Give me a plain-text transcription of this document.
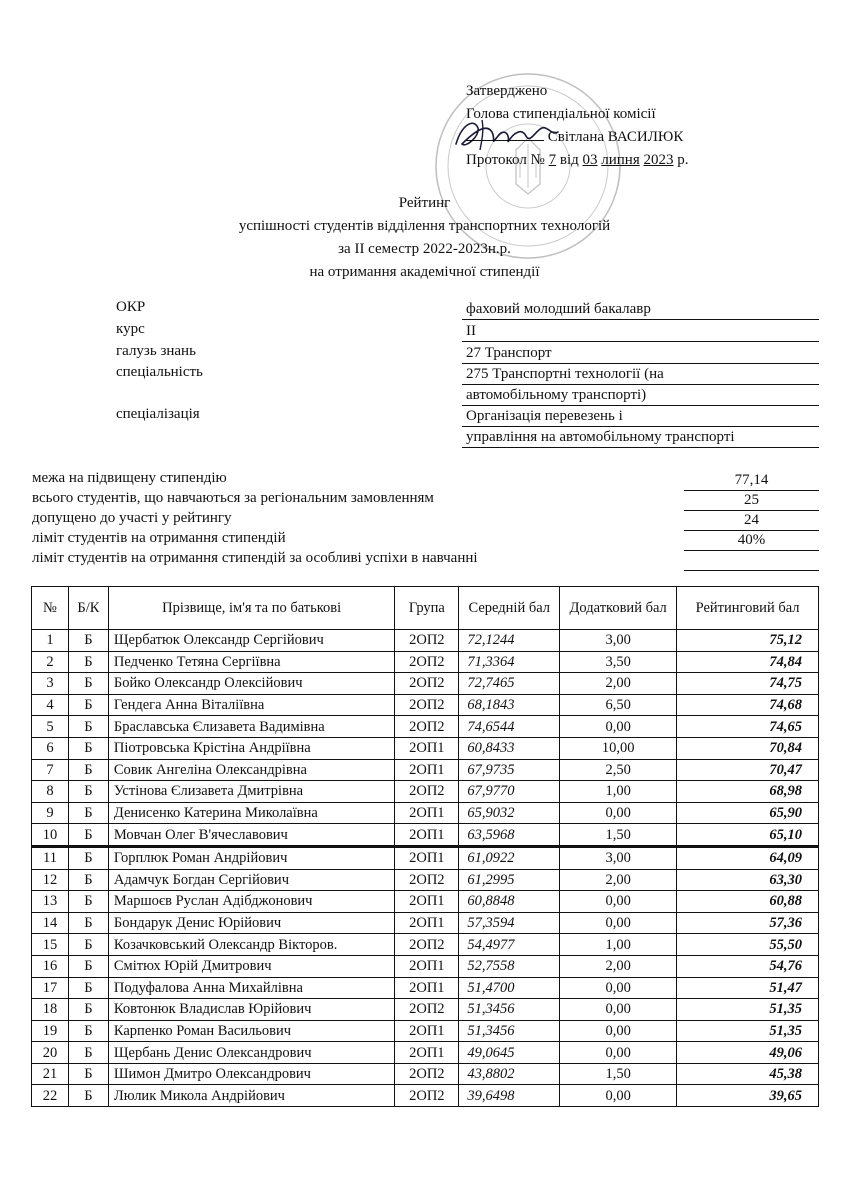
Затверджено
Голова стипендіальної комісії
Світлана ВАСИЛЮК
Протокол № 7 від 03 липня 2023 р.
Рейтинг
успішності студентів відділення транспортних технологій
за II семестр 2022-2023н.р.
на отримання академічної стипендії
ОКР	фаховий молодший бакалавр
курс	II
галузь знань	27 Транспорт
спеціальність	275 Транспортні технології (на
автомобільному транспорті)
спеціалізація	Організація перевезень і
управління на автомобільному транспорті
межа на підвищену стипендію	77,14
всього студентів, що навчаються за регіональним замовленням	25
допущено до участі у рейтингу	24
ліміт студентів на отримання стипендій	40%
ліміт студентів на отримання стипендій за особливі успіхи в навчанні
№	Б/К	Прізвище, ім'я та по батькові	Група	Середній бал	Додатковий бал	Рейтинговий бал
1	Б	Щербатюк Олександр Сергійович	2ОП2	72,1244	3,00	75,12
2	Б	Педченко Тетяна Сергіївна	2ОП2	71,3364	3,50	74,84
3	Б	Бойко Олександр Олексійович	2ОП2	72,7465	2,00	74,75
4	Б	Гендега Анна Віталіївна	2ОП2	68,1843	6,50	74,68
5	Б	Браславська Єлизавета Вадимівна	2ОП2	74,6544	0,00	74,65
6	Б	Піотровська Крістіна Андріївна	2ОП1	60,8433	10,00	70,84
7	Б	Совик Ангеліна Олександрівна	2ОП1	67,9735	2,50	70,47
8	Б	Устінова Єлизавета Дмитрівна	2ОП2	67,9770	1,00	68,98
9	Б	Денисенко Катерина Миколаївна	2ОП1	65,9032	0,00	65,90
10	Б	Мовчан Олег В'ячеславович	2ОП1	63,5968	1,50	65,10
11	Б	Горплюк Роман Андрійович	2ОП1	61,0922	3,00	64,09
12	Б	Адамчук Богдан Сергійович	2ОП2	61,2995	2,00	63,30
13	Б	Маршоєв Руслан Адібджонович	2ОП1	60,8848	0,00	60,88
14	Б	Бондарук Денис Юрійович	2ОП1	57,3594	0,00	57,36
15	Б	Козачковський Олександр Вікторов.	2ОП2	54,4977	1,00	55,50
16	Б	Смітюх Юрій Дмитрович	2ОП1	52,7558	2,00	54,76
17	Б	Подуфалова Анна Михайлівна	2ОП1	51,4700	0,00	51,47
18	Б	Ковтонюк Владислав Юрійович	2ОП2	51,3456	0,00	51,35
19	Б	Карпенко Роман Васильович	2ОП1	51,3456	0,00	51,35
20	Б	Щербань Денис Олександрович	2ОП1	49,0645	0,00	49,06
21	Б	Шимон Дмитро Олександрович	2ОП2	43,8802	1,50	45,38
22	Б	Люлик Микола Андрійович	2ОП2	39,6498	0,00	39,65
